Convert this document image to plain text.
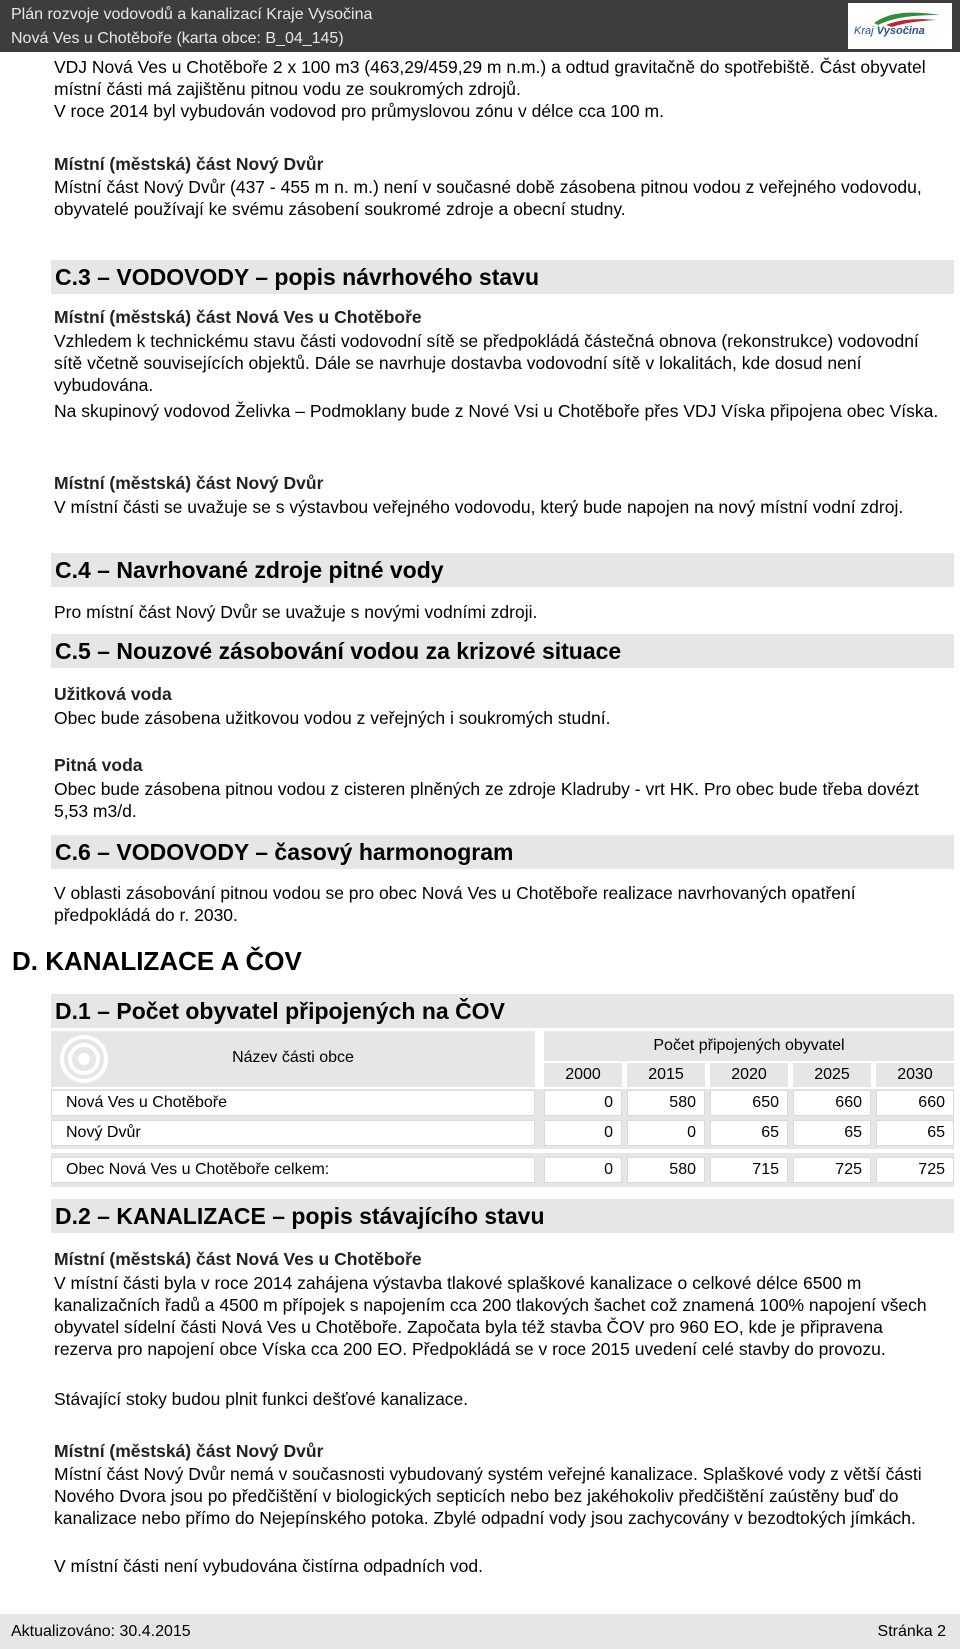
Plán rozvoje vodovodů a kanalizací Kraje Vysočina
Nová Ves u Chotěboře (karta obce: B_04_145)	Kraj Vysočina

VDJ Nová Ves u Chotěboře 2 x 100 m3 (463,29/459,29 m n.m.) a odtud gravitačně do spotřebiště. Část obyvatel místní části má zajištěnu pitnou vodu ze soukromých zdrojů.

V roce 2014 byl vybudován vodovod pro průmyslovou zónu v délce cca 100 m.

Místní (městská) část Nový Dvůr

Místní část Nový Dvůr (437 - 455 m n. m.) není v současné době zásobena pitnou vodou z veřejného vodovodu, obyvatelé používají ke svému zásobení soukromé zdroje a obecní studny.

C.3 – VODOVODY – popis návrhového stavu
Místní (městská) část Nová Ves u Chotěboře

Vzhledem k technickému stavu části vodovodní sítě se předpokládá částečná obnova (rekonstrukce) vodovodní sítě včetně souvisejících objektů. Dále se navrhuje dostavba vodovodní sítě v lokalitách, kde dosud není vybudována.

Na skupinový vodovod Želivka – Podmoklany bude z Nové Vsi u Chotěboře přes VDJ Víska připojena obec Víska.

Místní (městská) část Nový Dvůr

V místní části se uvažuje se s výstavbou veřejného vodovodu, který bude napojen na nový místní vodní zdroj.

C.4 – Navrhované zdroje pitné vody

Pro místní část Nový Dvůr se uvažuje s novými vodními zdroji.

C.5 – Nouzové zásobování vodou za krizové situace
Užitková voda

Obec bude zásobena užitkovou vodou z veřejných i soukromých studní.

Pitná voda

Obec bude zásobena pitnou vodou z cisteren plněných ze zdroje Kladruby - vrt HK. Pro obec bude třeba dovézt 5,53 m3/d.

C.6 – VODOVODY – časový harmonogram

V oblasti zásobování pitnou vodou se pro obec Nová Ves u Chotěboře realizace navrhovaných opatření předpokládá do r. 2030.

D. KANALIZACE A ČOV
D.1 – Počet obyvatel připojených na ČOV
Název části obce
Počet připojených obyvatel
2000	2015	2020	2025	2030
Nová Ves u Chotěboře	0	580	650	660	660
Nový Dvůr	0	0	65	65	65
Obec Nová Ves u Chotěboře celkem:	0	580	715	725	725
D.2 – KANALIZACE – popis stávajícího stavu
Místní (městská) část Nová Ves u Chotěboře

V místní části byla v roce 2014 zahájena výstavba tlakové splaškové kanalizace o celkové délce 6500 m kanalizačních řadů a 4500 m přípojek s napojením cca 200 tlakových šachet což znamená 100% napojení všech obyvatel sídelní části Nová Ves u Chotěboře. Započata byla též stavba ČOV pro 960 EO, kde je připravena rezerva pro napojení obce Víska cca 200 EO. Předpokládá se v roce 2015 uvedení celé stavby do provozu.

Stávající stoky budou plnit funkci dešťové kanalizace.

Místní (městská) část Nový Dvůr

Místní část Nový Dvůr nemá v současnosti vybudovaný systém veřejné kanalizace. Splaškové vody z větší části Nového Dvora jsou po předčištění v biologických septicích nebo bez jakéhokoliv předčištění zaústěny buď do kanalizace nebo přímo do Nejepínského potoka. Zbylé odpadní vody jsou zachycovány v bezodtokých jímkách.

V místní části není vybudována čistírna odpadních vod.

Aktualizováno: 30.4.2015	Stránka 2
